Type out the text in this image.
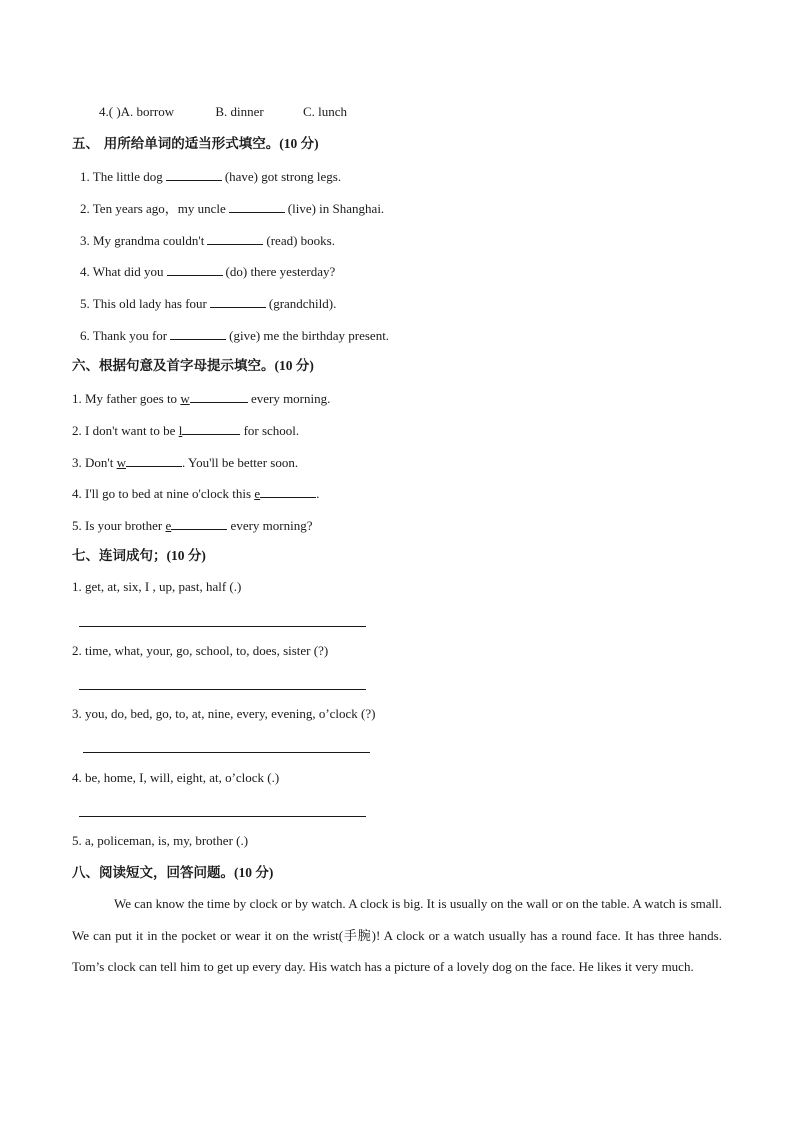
4.( )A. borrow	B. dinner	C. lunch
五、 用所给单词的适当形式填空。(10 分)
1. The little dog	(have) got strong legs.
2. Ten years ago，my uncle	(live) in Shanghai.
3. My grandma couldn't	(read) books.
4. What did you	(do) there yesterday?
5. This old lady has four	(grandchild).
6. Thank you for	(give) me the birthday present.
六、根据句意及首字母提示填空。(10 分)
1. My father goes to w	every morning.
2. I don't want to be l	for school.
3. Don't w	. You'll be better soon.
4. I'll go to bed at nine o'clock this e	.
5. Is your brother e	every morning?
七、连词成句；(10 分)
1. get, at, six, I , up, past, half (.)
2. time, what, your, go, school, to, does, sister (?)
3. you, do, bed, go, to, at, nine, every, evening, o’clock (?)
4. be, home, I, will, eight, at, o’clock (.)
5. a, policeman, is, my, brother (.)
八、阅读短文，回答问题。(10 分)
We can know the time by clock or by watch. A clock is big. It is usually on the wall or on the table. A watch is small. We can put it in the pocket or wear it on the wrist(手腕)! A clock or a watch usually has a round face. It has three hands. Tom’s clock can tell him to get up every day. His watch has a picture of a lovely dog on the face. He likes it very much.
